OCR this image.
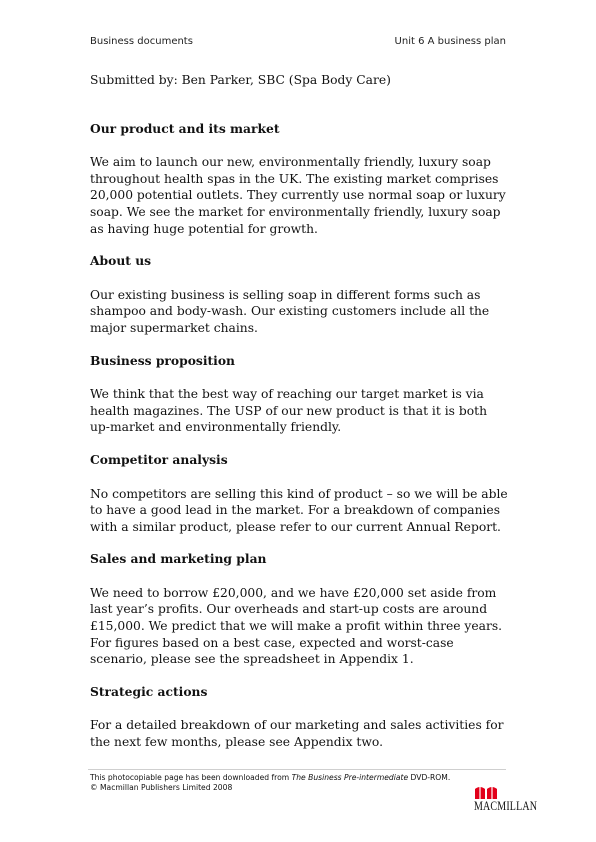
Business documents	Unit 6 A business plan

Submitted by: Ben Parker, SBC (Spa Body Care)

Our product and its market

We aim to launch our new, environmentally friendly, luxury soap throughout health spas in the UK. The existing market comprises 20,000 potential outlets. They currently use normal soap or luxury soap. We see the market for environmentally friendly, luxury soap as having huge potential for growth.

About us

Our existing business is selling soap in different forms such as shampoo and body-wash. Our existing customers include all the major supermarket chains.

Business proposition

We think that the best way of reaching our target market is via health magazines. The USP of our new product is that it is both up-market and environmentally friendly.

Competitor analysis

No competitors are selling this kind of product – so we will be able to have a good lead in the market. For a breakdown of companies with a similar product, please refer to our current Annual Report.

Sales and marketing plan

We need to borrow £20,000, and we have £20,000 set aside from last year’s profits. Our overheads and start-up costs are around £15,000. We predict that we will make a profit within three years. For figures based on a best case, expected and worst-case scenario, please see the spreadsheet in Appendix 1.

Strategic actions

For a detailed breakdown of our marketing and sales activities for the next few months, please see Appendix two.

This photocopiable page has been downloaded from The Business Pre-intermediate DVD-ROM.
© Macmillan Publishers Limited 2008
MACMILLAN
